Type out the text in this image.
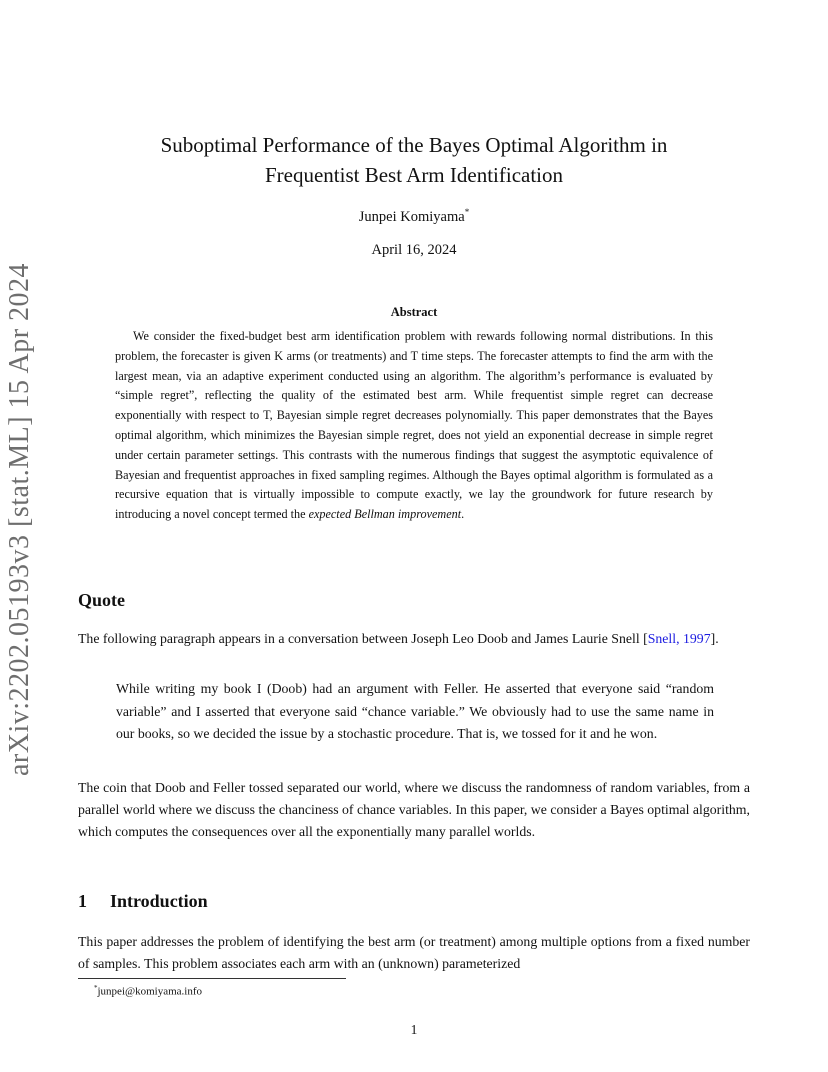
arXiv:2202.05193v3 [stat.ML] 15 Apr 2024
Suboptimal Performance of the Bayes Optimal Algorithm in
Frequentist Best Arm Identification
Junpei Komiyama*
April 16, 2024
Abstract
We consider the fixed-budget best arm identification problem with rewards following normal distributions. In this problem, the forecaster is given K arms (or treatments) and T time steps. The forecaster attempts to find the arm with the largest mean, via an adaptive experiment conducted using an algorithm. The algorithm’s performance is evaluated by “simple regret”, reflecting the quality of the estimated best arm. While frequentist simple regret can decrease exponentially with respect to T, Bayesian simple regret decreases polynomially. This paper demonstrates that the Bayes optimal algorithm, which minimizes the Bayesian simple regret, does not yield an exponential decrease in simple regret under certain parameter settings. This contrasts with the numerous findings that suggest the asymptotic equivalence of Bayesian and frequentist approaches in fixed sampling regimes. Although the Bayes optimal algorithm is formulated as a recursive equation that is virtually impossible to compute exactly, we lay the groundwork for future research by introducing a novel concept termed the expected Bellman improvement.
Quote
The following paragraph appears in a conversation between Joseph Leo Doob and James Laurie Snell [Snell, 1997].
While writing my book I (Doob) had an argument with Feller. He asserted that everyone said “random variable” and I asserted that everyone said “chance variable.” We obviously had to use the same name in our books, so we decided the issue by a stochastic procedure. That is, we tossed for it and he won.
The coin that Doob and Feller tossed separated our world, where we discuss the randomness of random variables, from a parallel world where we discuss the chanciness of chance variables. In this paper, we consider a Bayes optimal algorithm, which computes the consequences over all the exponentially many parallel worlds.
1 Introduction
This paper addresses the problem of identifying the best arm (or treatment) among multiple options from a fixed number of samples. This problem associates each arm with an (unknown) parameterized
*junpei@komiyama.info
1
